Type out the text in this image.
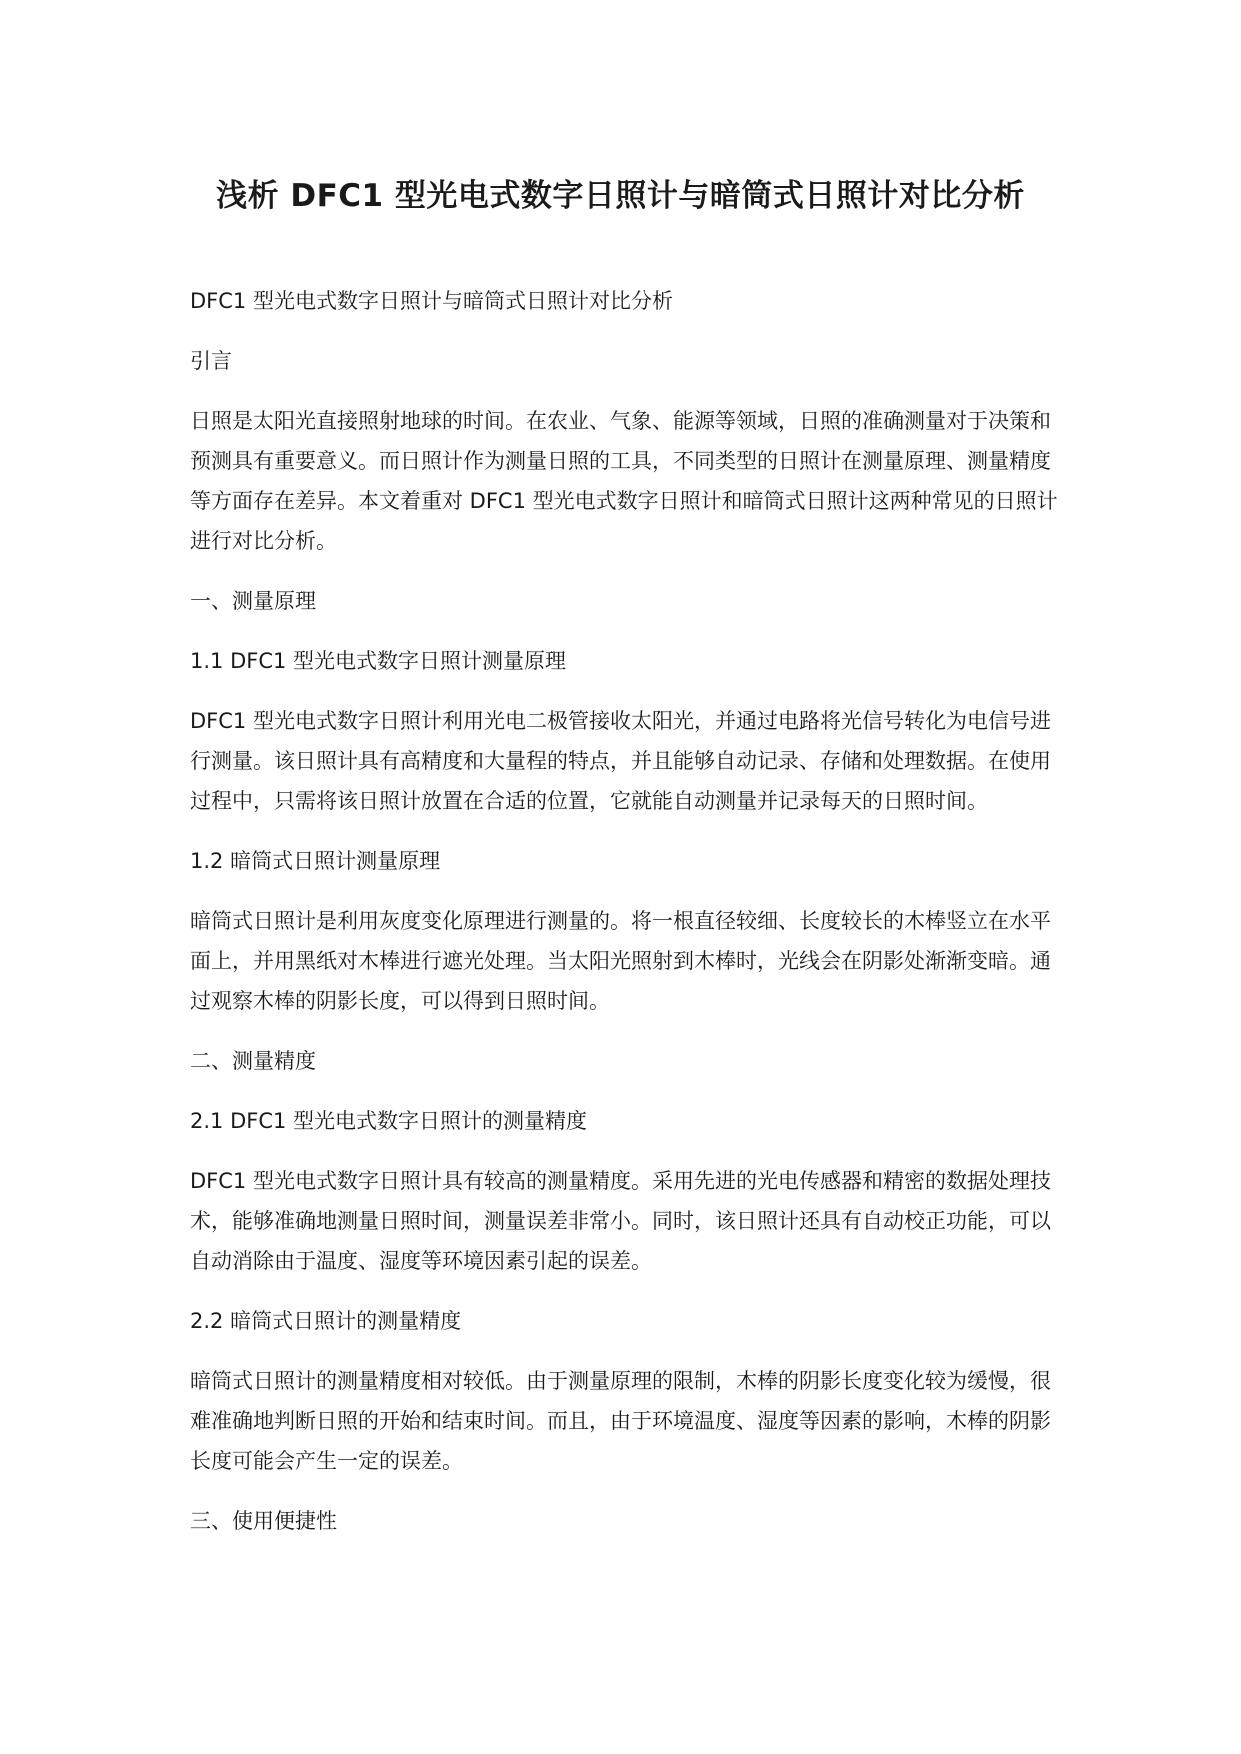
浅析 DFC1 型光电式数字日照计与暗筒式日照计对比分析

DFC1 型光电式数字日照计与暗筒式日照计对比分析

引言

日照是太阳光直接照射地球的时间。在农业、气象、能源等领域，日照的准确测量对于决策和预测具有重要意义。而日照计作为测量日照的工具，不同类型的日照计在测量原理、测量精度等方面存在差异。本文着重对 DFC1 型光电式数字日照计和暗筒式日照计这两种常见的日照计进行对比分析。

一、测量原理

1.1 DFC1 型光电式数字日照计测量原理

DFC1 型光电式数字日照计利用光电二极管接收太阳光，并通过电路将光信号转化为电信号进行测量。该日照计具有高精度和大量程的特点，并且能够自动记录、存储和处理数据。在使用过程中，只需将该日照计放置在合适的位置，它就能自动测量并记录每天的日照时间。

1.2 暗筒式日照计测量原理

暗筒式日照计是利用灰度变化原理进行测量的。将一根直径较细、长度较长的木棒竖立在水平面上，并用黑纸对木棒进行遮光处理。当太阳光照射到木棒时，光线会在阴影处渐渐变暗。通过观察木棒的阴影长度，可以得到日照时间。

二、测量精度

2.1 DFC1 型光电式数字日照计的测量精度

DFC1 型光电式数字日照计具有较高的测量精度。采用先进的光电传感器和精密的数据处理技术，能够准确地测量日照时间，测量误差非常小。同时，该日照计还具有自动校正功能，可以自动消除由于温度、湿度等环境因素引起的误差。

2.2 暗筒式日照计的测量精度

暗筒式日照计的测量精度相对较低。由于测量原理的限制，木棒的阴影长度变化较为缓慢，很难准确地判断日照的开始和结束时间。而且，由于环境温度、湿度等因素的影响，木棒的阴影长度可能会产生一定的误差。

三、使用便捷性
